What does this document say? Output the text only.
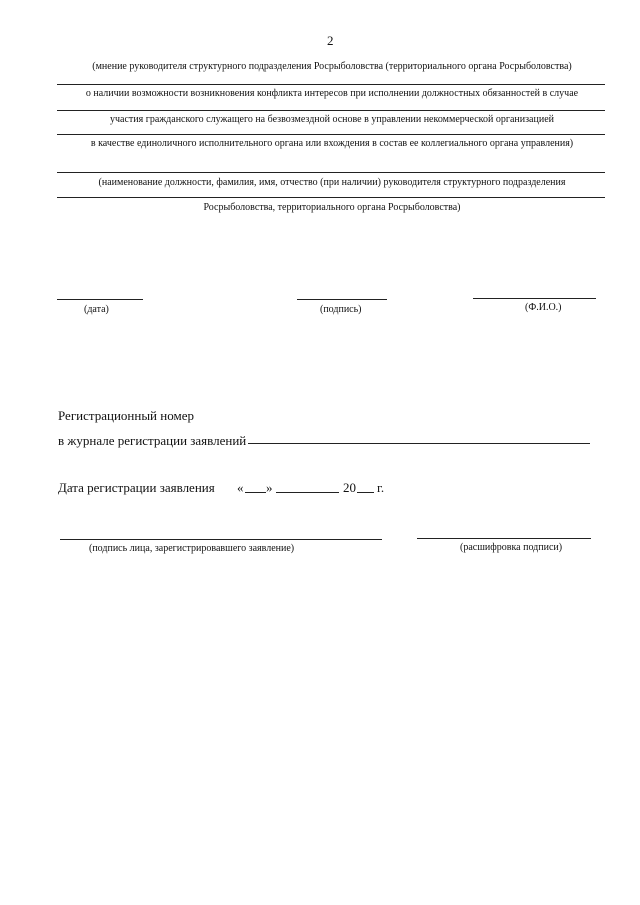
2
(мнение руководителя структурного подразделения Росрыболовства (территориального органа Росрыболовства)
о наличии возможности возникновения конфликта интересов при исполнении должностных обязанностей в случае
участия гражданского служащего на безвозмездной основе в управлении некоммерческой организацией
в качестве единоличного исполнительного органа или вхождения в состав ее коллегиального органа управления)
(наименование должности, фамилия, имя, отчество (при наличии) руководителя структурного подразделения
Росрыболовства, территориального органа Росрыболовства)
(дата)	(подпись)	(Ф.И.О.)
Регистрационный номер
в журнале регистрации заявлений
Дата регистрации заявления « »	20 г.
(подпись лица, зарегистрировавшего заявление)	(расшифровка подписи)
